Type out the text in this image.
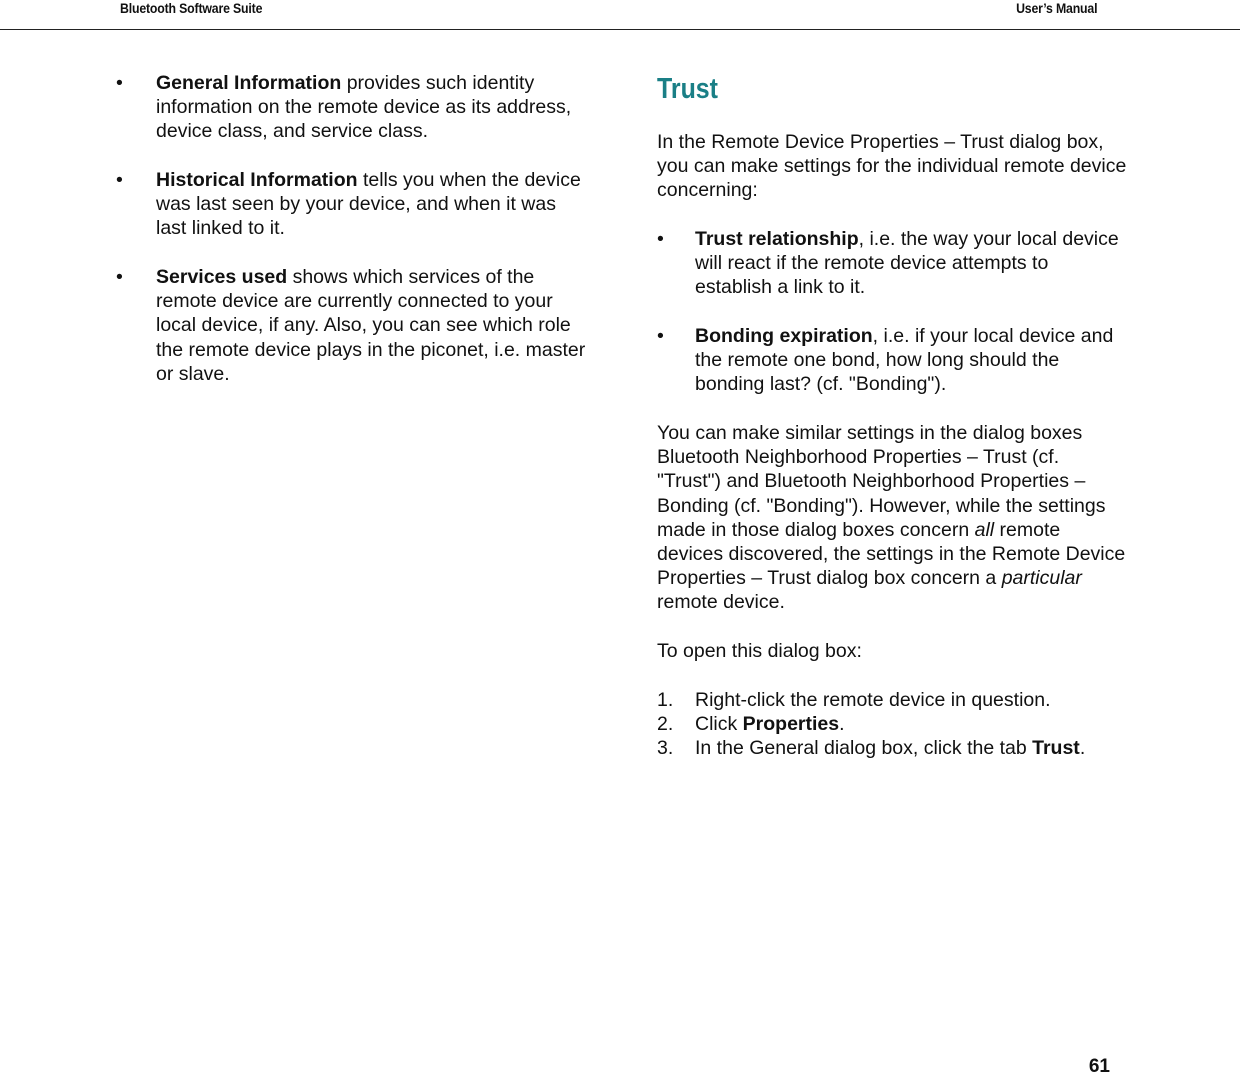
Bluetooth Software Suite	User’s Manual
•	General Information provides such identity information on the remote device as its address, device class, and service class.

•	Historical Information tells you when the device was last seen by your device, and when it was last linked to it.

•	Services used shows which services of the remote device are currently connected to your local device, if any. Also, you can see which role the remote device plays in the piconet, i.e. master or slave.

Trust

In the Remote Device Properties – Trust dialog box, you can make settings for the individual remote device concerning:

•	Trust relationship, i.e. the way your local device will react if the remote device attempts to establish a link to it.

•	Bonding expiration, i.e. if your local device and the remote one bond, how long should the bonding last? (cf. "Bonding").

You can make similar settings in the dialog boxes Bluetooth Neighborhood Properties – Trust (cf. "Trust") and Bluetooth Neighborhood Properties – Bonding (cf. "Bonding"). However, while the settings made in those dialog boxes concern all remote devices discovered, the settings in the Remote Device Properties – Trust dialog box concern a particular remote device.

To open this dialog box:

1. Right-click the remote device in question.
2. Click Properties.
3. In the General dialog box, click the tab Trust.
61
